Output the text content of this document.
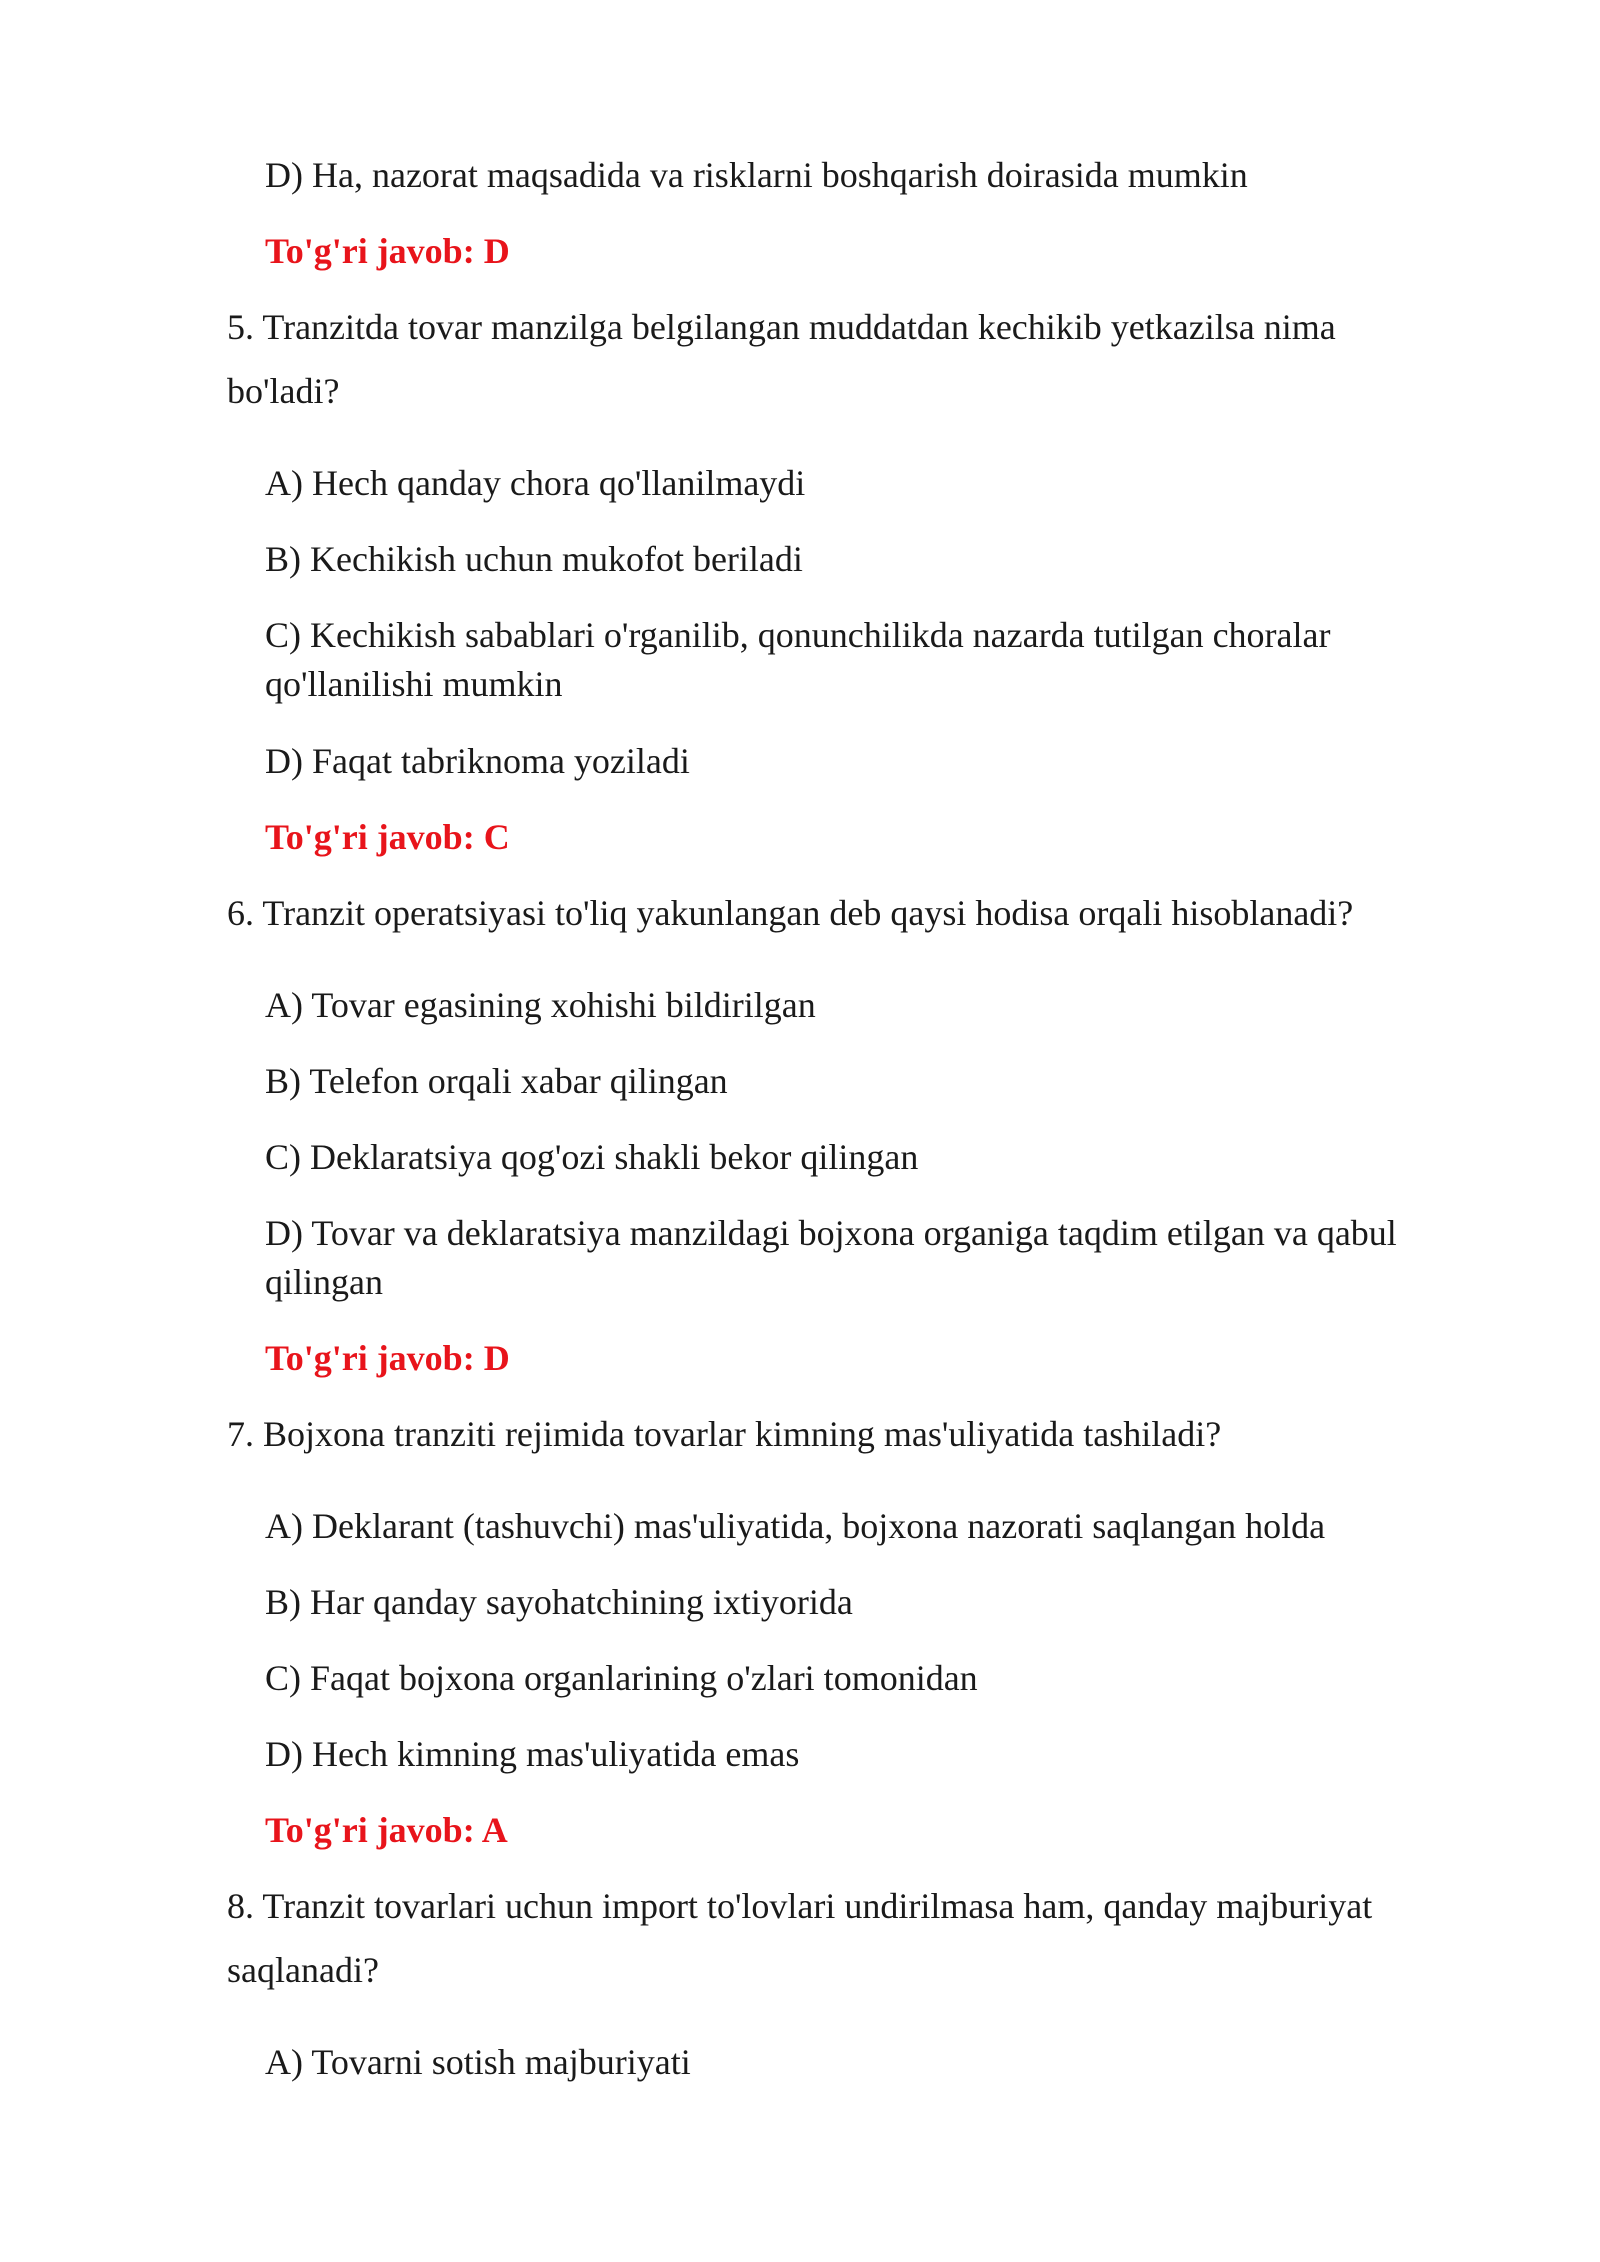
D) Ha, nazorat maqsadida va risklarni boshqarish doirasida mumkin
To'g'ri javob: D
5. Tranzitda tovar manzilga belgilangan muddatdan kechikib yetkazilsa nima
bo'ladi?
A) Hech qanday chora qo'llanilmaydi
B) Kechikish uchun mukofot beriladi
C) Kechikish sabablari o'rganilib, qonunchilikda nazarda tutilgan choralar
qo'llanilishi mumkin
D) Faqat tabriknoma yoziladi
To'g'ri javob: C
6. Tranzit operatsiyasi to'liq yakunlangan deb qaysi hodisa orqali hisoblanadi?
A) Tovar egasining xohishi bildirilgan
B) Telefon orqali xabar qilingan
C) Deklaratsiya qog'ozi shakli bekor qilingan
D) Tovar va deklaratsiya manzildagi bojxona organiga taqdim etilgan va qabul
qilingan
To'g'ri javob: D
7. Bojxona tranziti rejimida tovarlar kimning mas'uliyatida tashiladi?
A) Deklarant (tashuvchi) mas'uliyatida, bojxona nazorati saqlangan holda
B) Har qanday sayohatchining ixtiyorida
C) Faqat bojxona organlarining o'zlari tomonidan
D) Hech kimning mas'uliyatida emas
To'g'ri javob: A
8. Tranzit tovarlari uchun import to'lovlari undirilmasa ham, qanday majburiyat
saqlanadi?
A) Tovarni sotish majburiyati
